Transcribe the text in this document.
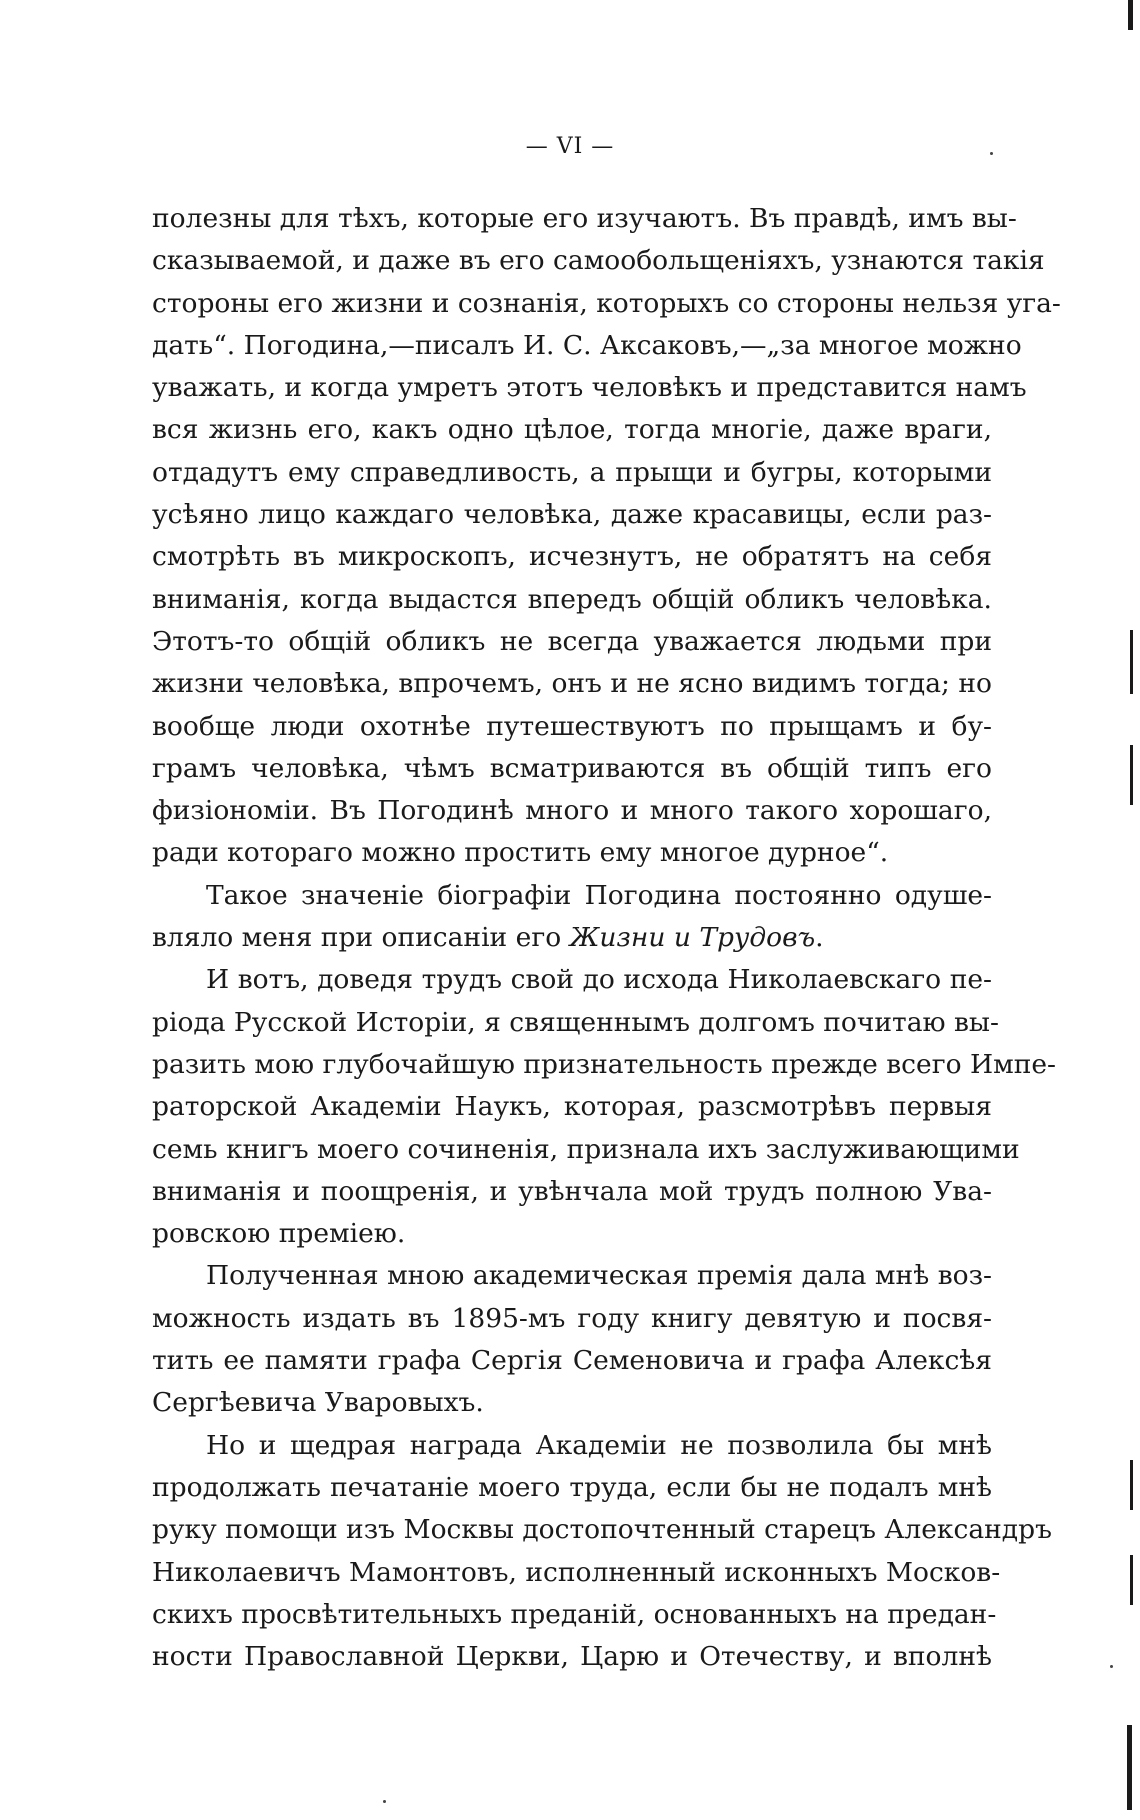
— VI —
полезны для тѣхъ, которые его изучаютъ. Въ правдѣ, имъ вы-
сказываемой, и даже въ его самообольщеніяхъ, узнаются такія
стороны его жизни и сознанія, которыхъ со стороны нельзя уга-
дать“. Погодина,—писалъ И. С. Аксаковъ,—„за многое можно
уважать, и когда умретъ этотъ человѣкъ и представится намъ
вся жизнь его, какъ одно цѣлое, тогда многіе, даже враги,
отдадутъ ему справедливость, а прыщи и бугры, которыми
усѣяно лицо каждаго человѣка, даже красавицы, если раз-
смотрѣть въ микроскопъ, исчезнутъ, не обратятъ на себя
вниманія, когда выдастся впередъ общій обликъ человѣка.
Этотъ-то общій обликъ не всегда уважается людьми при
жизни человѣка, впрочемъ, онъ и не ясно видимъ тогда; но
вообще люди охотнѣе путешествуютъ по прыщамъ и бу-
грамъ человѣка, чѣмъ всматриваются въ общій типъ его
физіономіи. Въ Погодинѣ много и много такого хорошаго,
ради котораго можно простить ему многое дурное“.
Такое значеніе біографіи Погодина постоянно одуше-
вляло меня при описаніи его Жизни и Трудовъ.
И вотъ, доведя трудъ свой до исхода Николаевскаго пе-
ріода Русской Исторіи, я священнымъ долгомъ почитаю вы-
разить мою глубочайшую признательность прежде всего Импе-
раторской Академіи Наукъ, которая, разсмотрѣвъ первыя
семь книгъ моего сочиненія, признала ихъ заслуживающими
вниманія и поощренія, и увѣнчала мой трудъ полною Ува-
ровскою преміею.
Полученная мною академическая премія дала мнѣ воз-
можность издать въ 1895-мъ году книгу девятую и посвя-
тить ее памяти графа Сергія Семеновича и графа Алексѣя
Сергѣевича Уваровыхъ.
Но и щедрая награда Академіи не позволила бы мнѣ
продолжать печатаніе моего труда, если бы не подалъ мнѣ
руку помощи изъ Москвы достопочтенный старецъ Александръ
Николаевичъ Мамонтовъ, исполненный исконныхъ Москов-
скихъ просвѣтительныхъ преданій, основанныхъ на предан-
ности Православной Церкви, Царю и Отечеству, и вполнѣ
